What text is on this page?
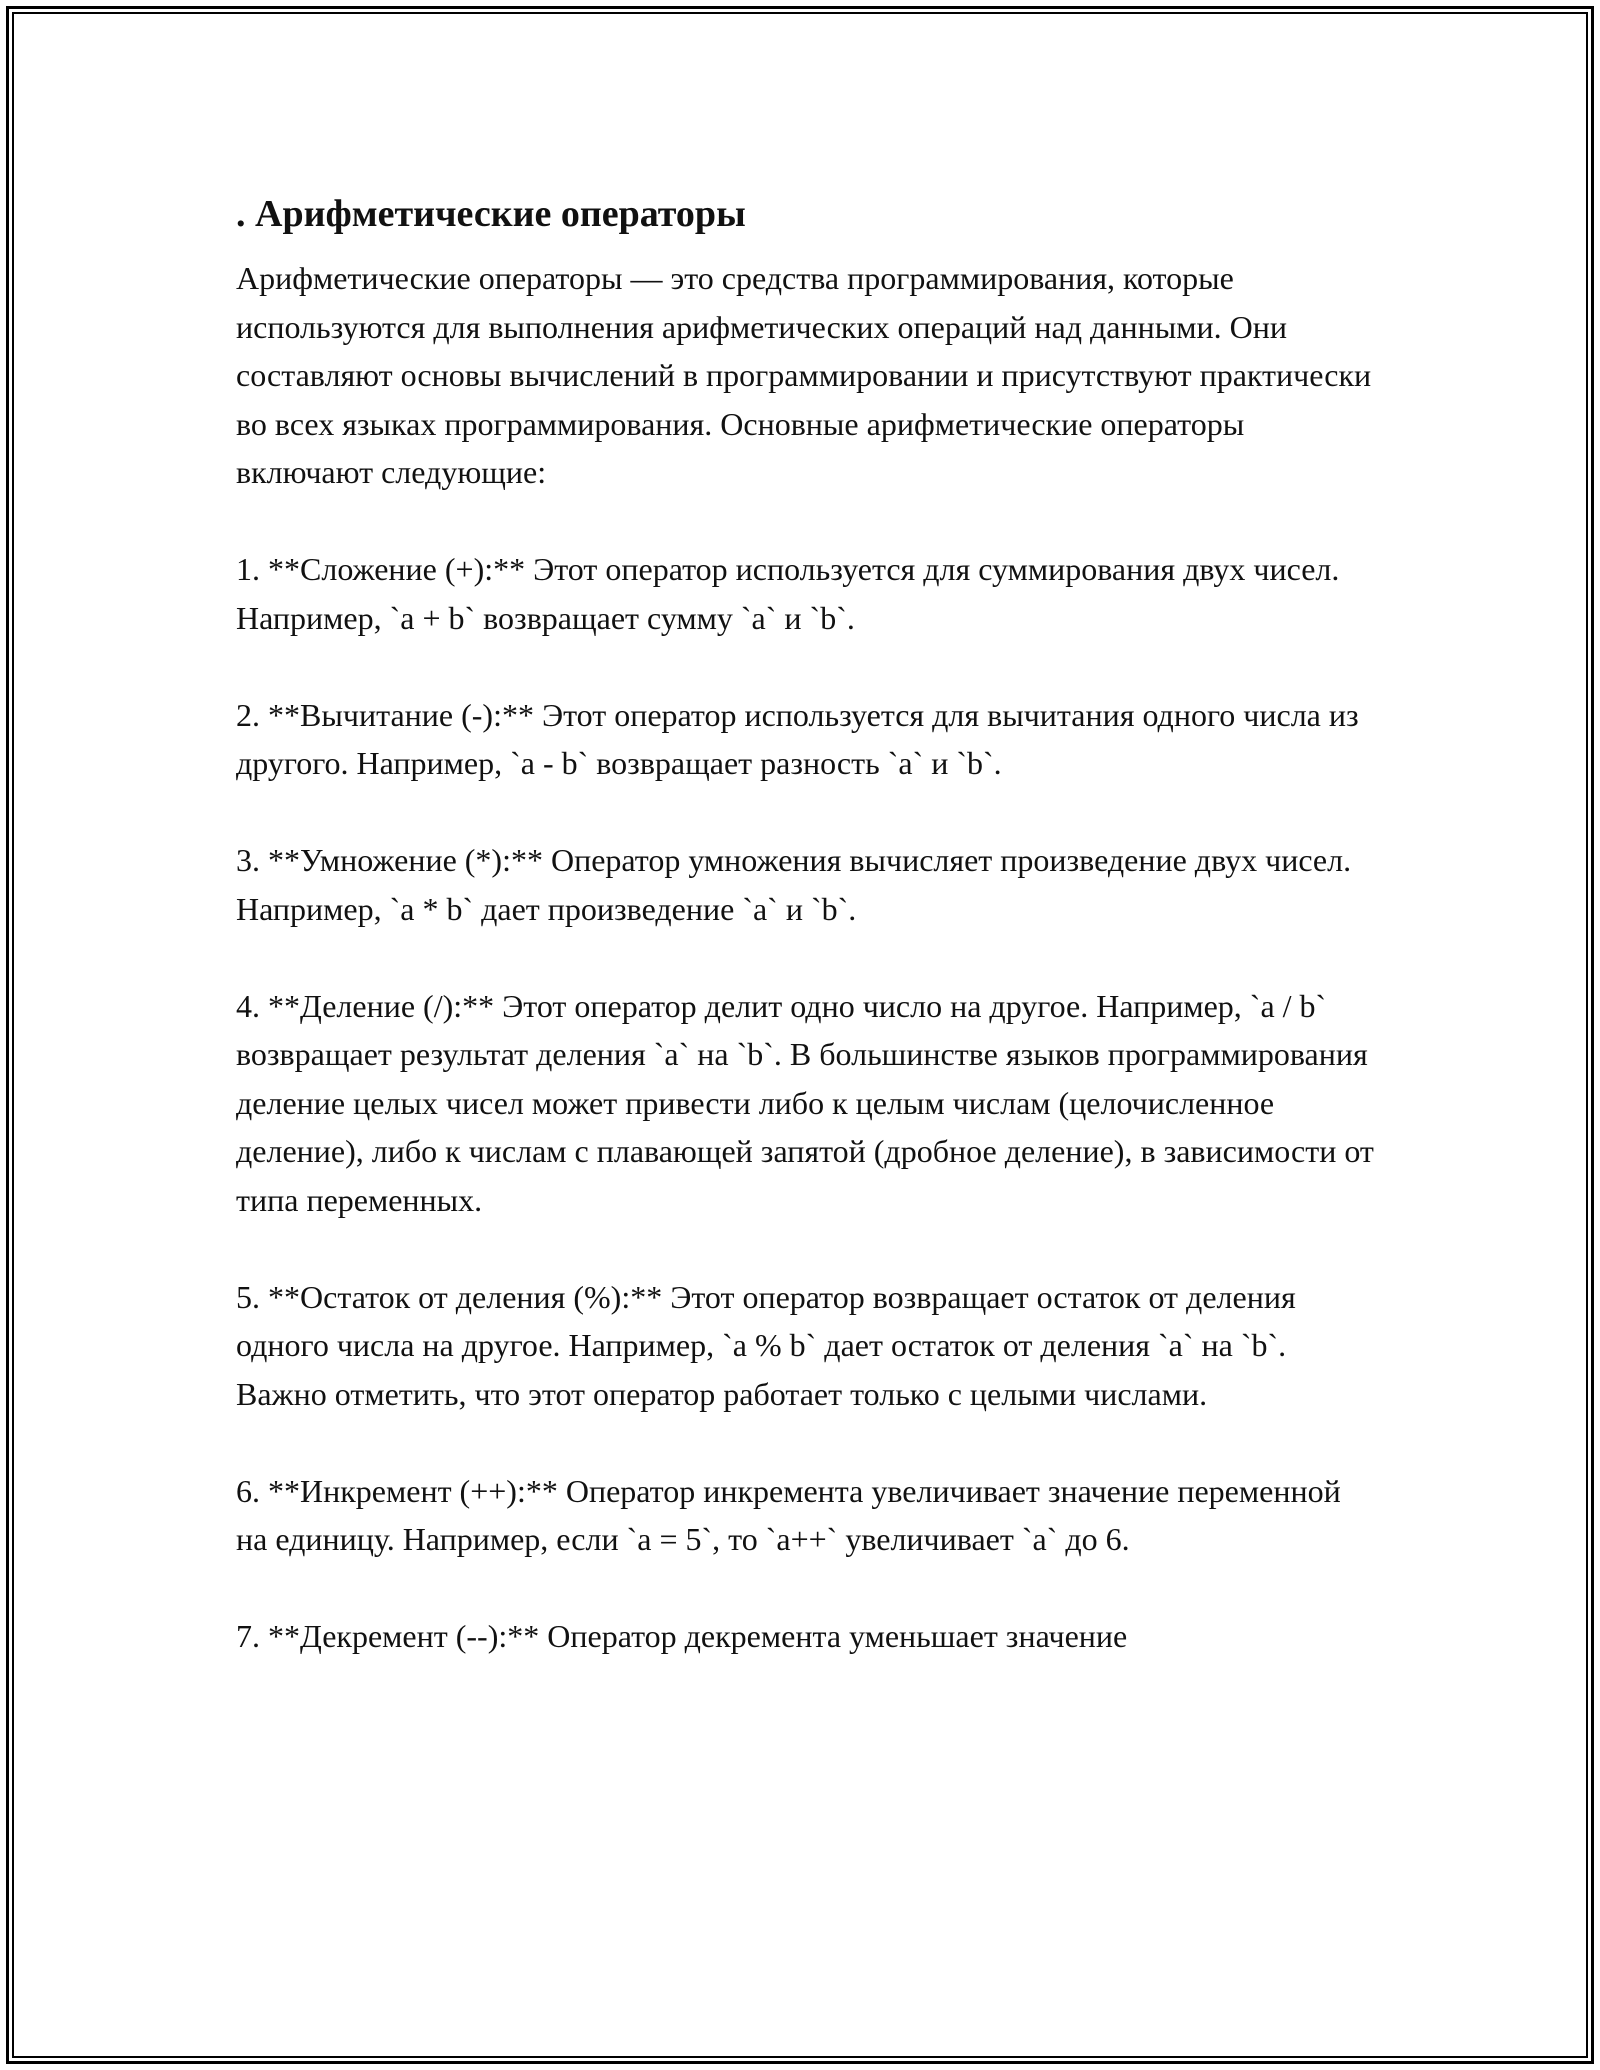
. Арифметические операторы

Арифметические операторы — это средства программирования, которые используются для выполнения арифметических операций над данными. Они составляют основы вычислений в программировании и присутствуют практически во всех языках программирования. Основные арифметические операторы включают следующие:

1. **Сложение (+):** Этот оператор используется для суммирования двух чисел. Например, `a + b` возвращает сумму `a` и `b`.

2. **Вычитание (-):** Этот оператор используется для вычитания одного числа из другого. Например, `a - b` возвращает разность `a` и `b`.

3. **Умножение (*):** Оператор умножения вычисляет произведение двух чисел. Например, `a * b` дает произведение `a` и `b`.

4. **Деление (/):** Этот оператор делит одно число на другое. Например, `a / b` возвращает результат деления `a` на `b`. В большинстве языков программирования деление целых чисел может привести либо к целым числам (целочисленное деление), либо к числам с плавающей запятой (дробное деление), в зависимости от типа переменных.

5. **Остаток от деления (%):** Этот оператор возвращает остаток от деления одного числа на другое. Например, `a % b` дает остаток от деления `a` на `b`. Важно отметить, что этот оператор работает только с целыми числами.

6. **Инкремент (++):** Оператор инкремента увеличивает значение переменной на единицу. Например, если `a = 5`, то `a++` увеличивает `a` до 6.

7. **Декремент (--):** Оператор декремента уменьшает значение
